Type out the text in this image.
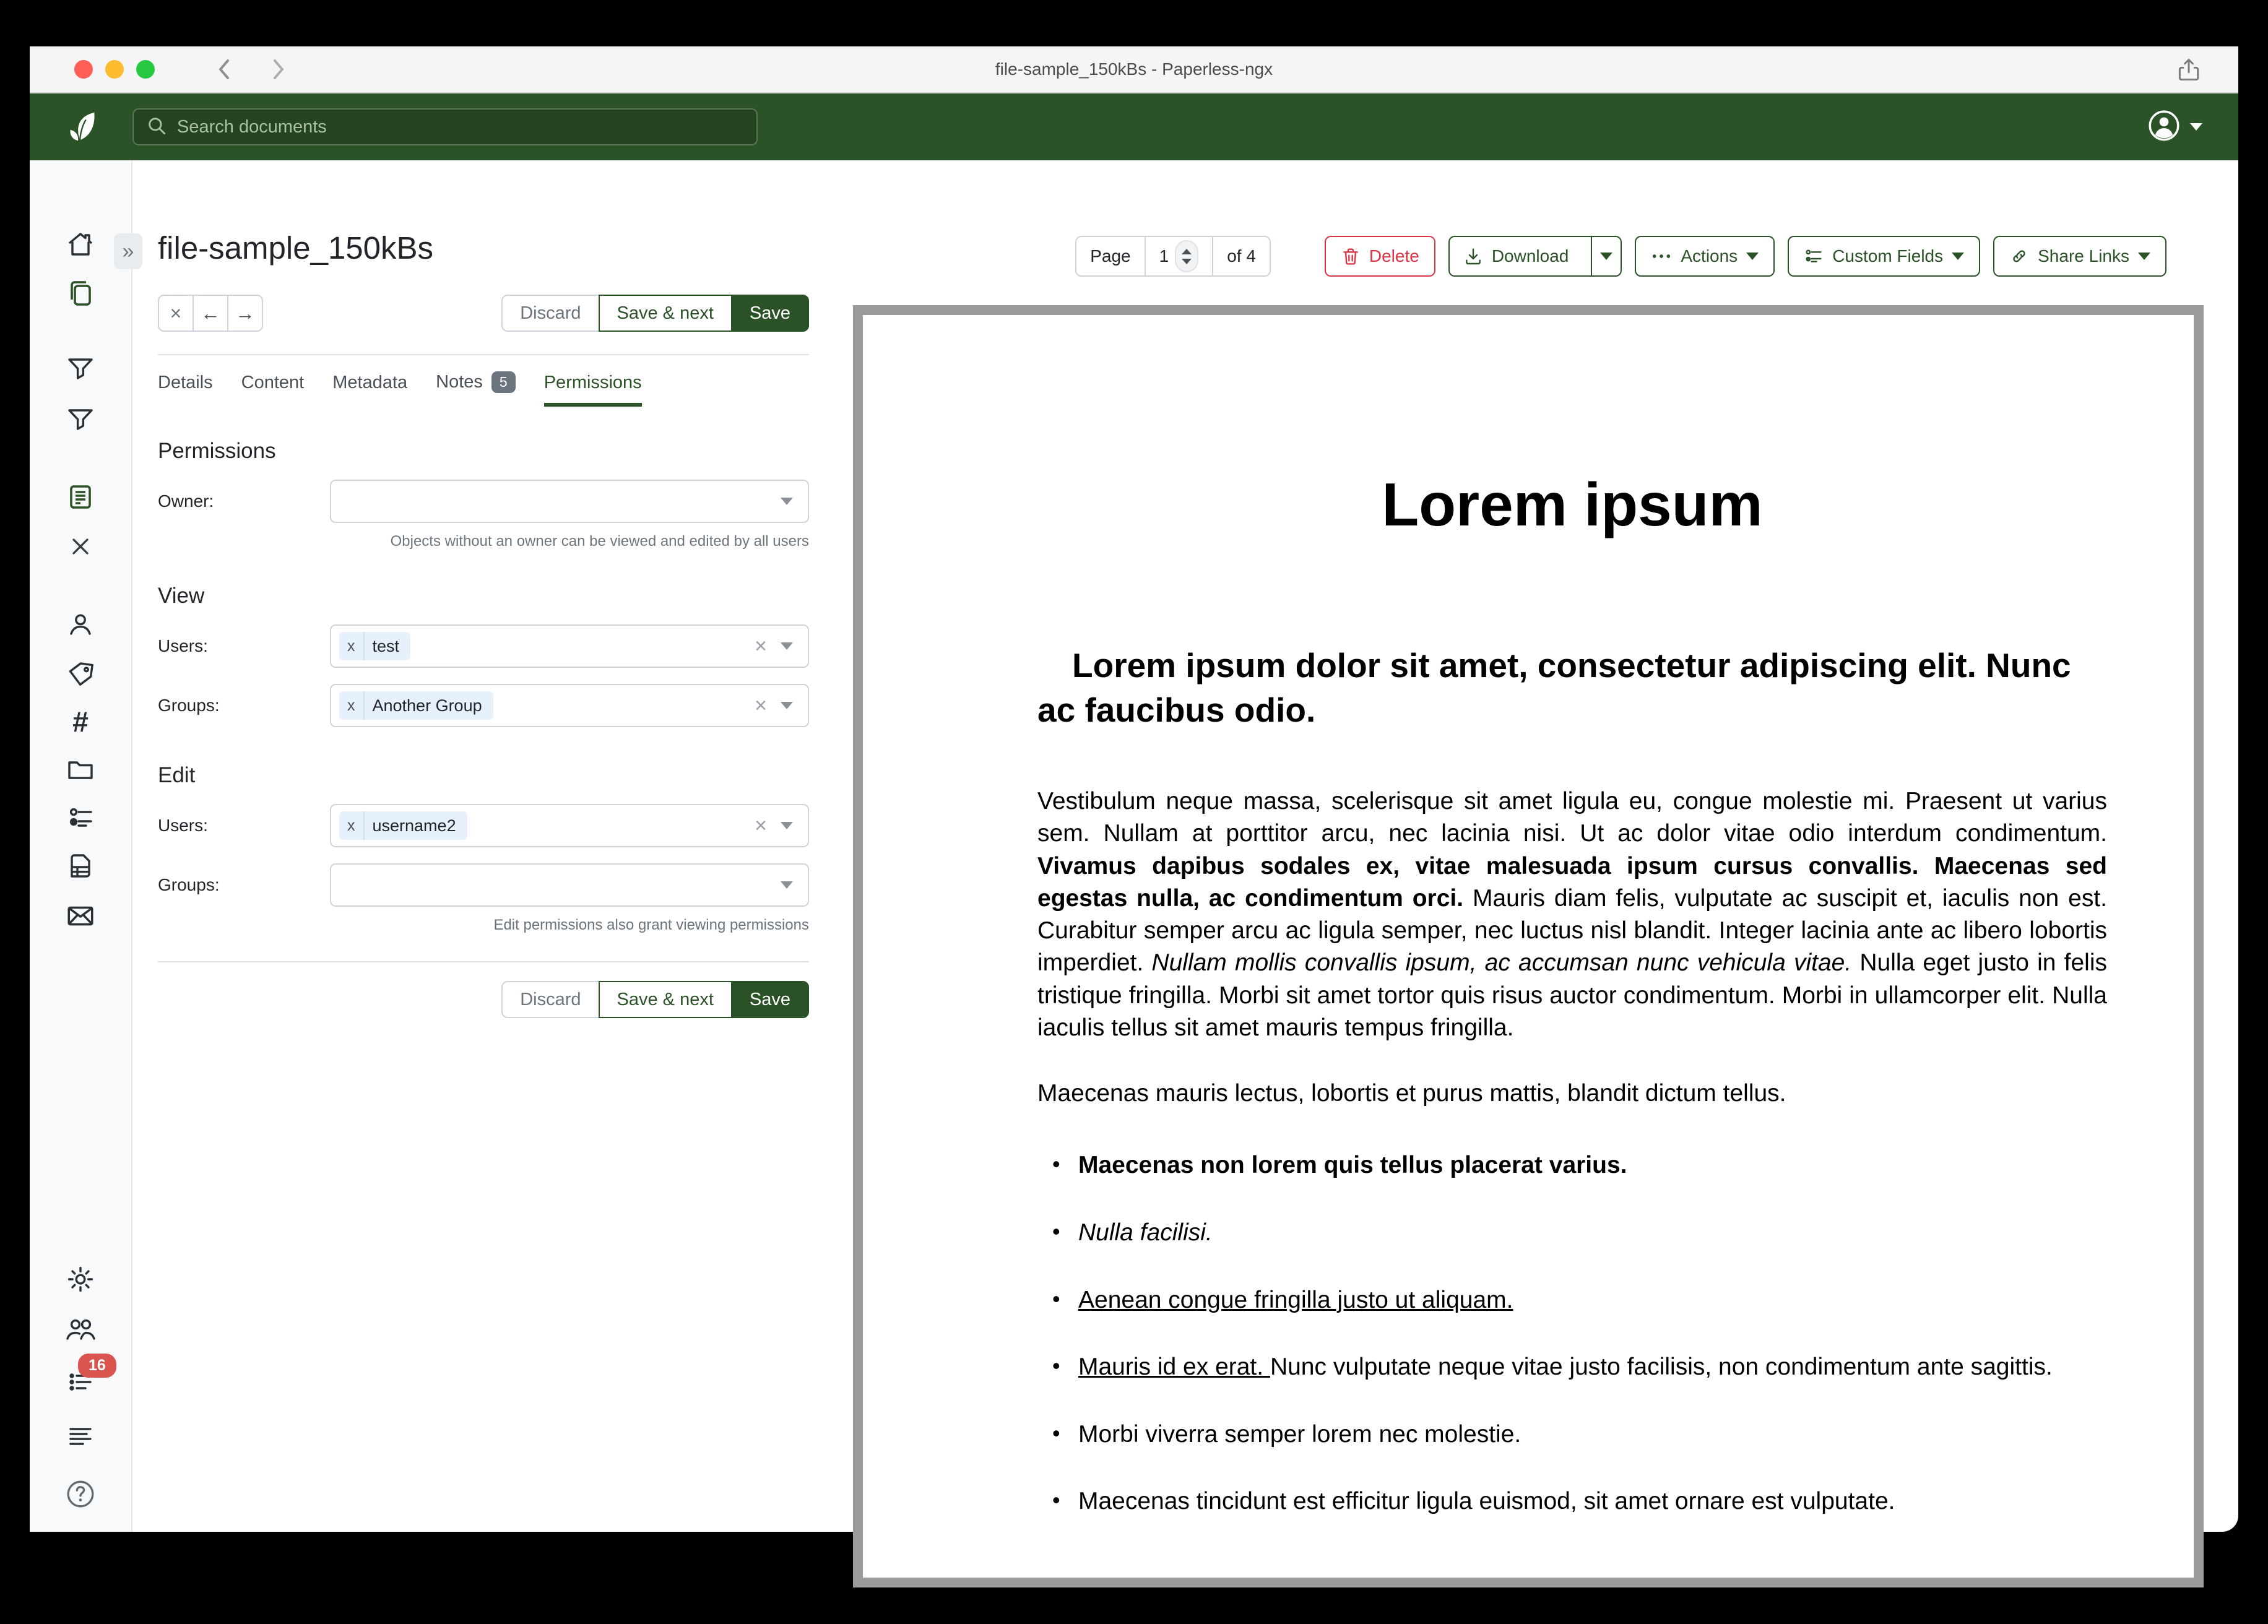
file-sample_150kBs - Paperless-ngx
Search documents
»
#
16
file-sample_150kBs
× ← →	Discard	Save & next	Save
Details Content Metadata Notes	5	Permissions
Permissions
Owner:
Objects without an owner can be viewed and edited by all users
View
Users:	x	test	×
Groups:	x	Another Group	×
Edit
Users:	x	username2	×
Groups:
Edit permissions also grant viewing permissions
Discard	Save & next	Save
Page	1	of 4	Delete	Download	Actions	Custom Fields	Share Links
Lorem ipsum
Lorem ipsum dolor sit amet, consectetur adipiscing elit. Nunc ac faucibus odio.

Vestibulum neque massa, scelerisque sit amet ligula eu, congue molestie mi. Praesent ut varius sem. Nullam at porttitor arcu, nec lacinia nisi. Ut ac dolor vitae odio interdum condimentum. Vivamus dapibus sodales ex, vitae malesuada ipsum cursus convallis. Maecenas sed egestas nulla, ac condimentum orci. Mauris diam felis, vulputate ac suscipit et, iaculis non est. Curabitur semper arcu ac ligula semper, nec luctus nisl blandit. Integer lacinia ante ac libero lobortis imperdiet. Nullam mollis convallis ipsum, ac accumsan nunc vehicula vitae. Nulla eget justo in felis tristique fringilla. Morbi sit amet tortor quis risus auctor condimentum. Morbi in ullamcorper elit. Nulla iaculis tellus sit amet mauris tempus fringilla.

Maecenas mauris lectus, lobortis et purus mattis, blandit dictum tellus.

• Maecenas non lorem quis tellus placerat varius.
• Nulla facilisi.
• Aenean congue fringilla justo ut aliquam.
• Mauris id ex erat. Nunc vulputate neque vitae justo facilisis, non condimentum ante sagittis.
• Morbi viverra semper lorem nec molestie.
• Maecenas tincidunt est efficitur ligula euismod, sit amet ornare est vulputate.
